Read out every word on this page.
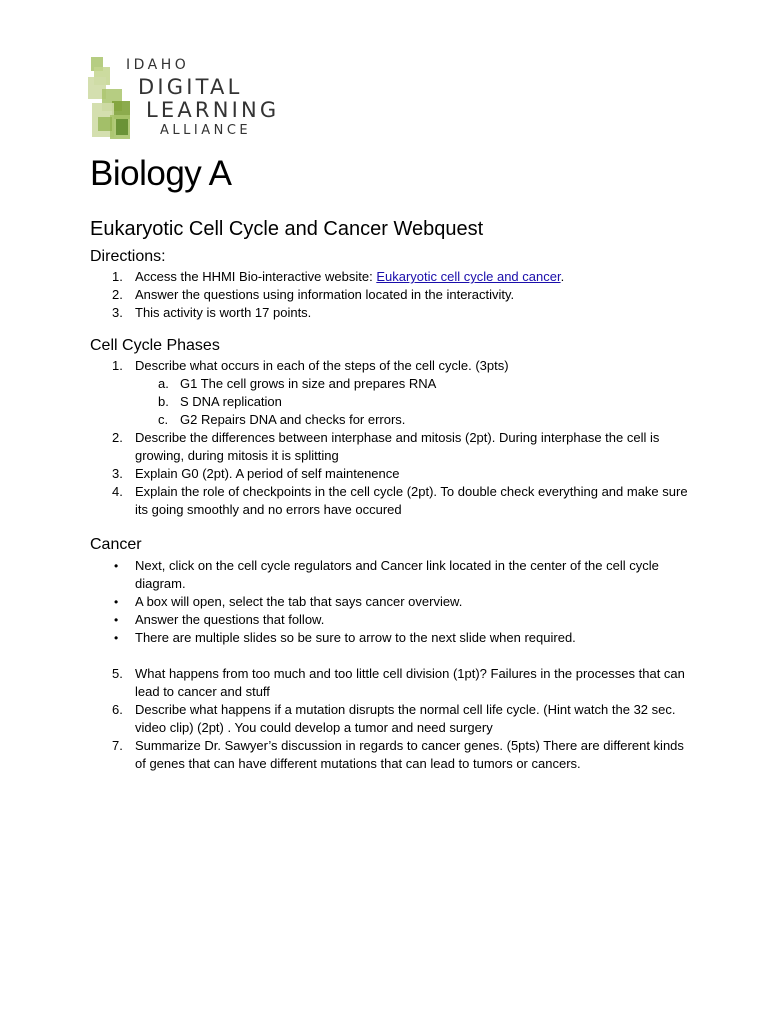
IDAHO
DIGITAL
LEARNING
ALLIANCE
Biology A
Eukaryotic Cell Cycle and Cancer Webquest
Directions:
1. Access the HHMI Bio-interactive website: Eukaryotic cell cycle and cancer.
2. Answer the questions using information located in the interactivity.
3. This activity is worth 17 points.
Cell Cycle Phases
1. Describe what occurs in each of the steps of the cell cycle. (3pts)
a. G1 The cell grows in size and prepares RNA
b. S DNA replication
c. G2 Repairs DNA and checks for errors.
2. Describe the differences between interphase and mitosis (2pt). During interphase the cell is growing, during mitosis it is splitting
3. Explain G0 (2pt). A period of self maintenence
4. Explain the role of checkpoints in the cell cycle (2pt). To double check everything and make sure its going smoothly and no errors have occured
Cancer
• Next, click on the cell cycle regulators and Cancer link located in the center of the cell cycle diagram.
• A box will open, select the tab that says cancer overview.
• Answer the questions that follow.
• There are multiple slides so be sure to arrow to the next slide when required.
5. What happens from too much and too little cell division (1pt)? Failures in the processes that can lead to cancer and stuff
6. Describe what happens if a mutation disrupts the normal cell life cycle. (Hint watch the 32 sec. video clip) (2pt) . You could develop a tumor and need surgery
7. Summarize Dr. Sawyer’s discussion in regards to cancer genes. (5pts) There are different kinds of genes that can have different mutations that can lead to tumors or cancers.
